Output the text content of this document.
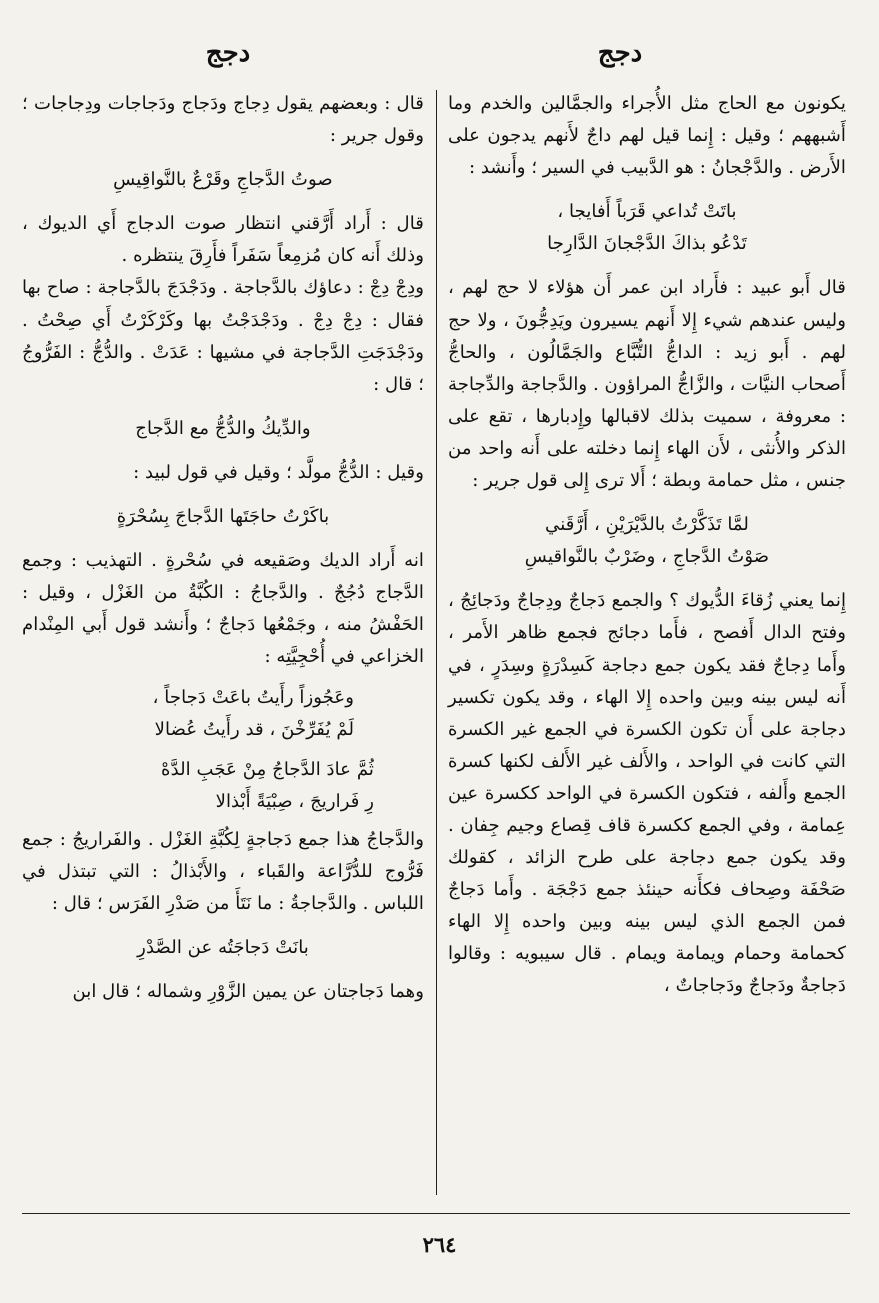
دجج
دجج

يكونون مع الحاج مثل الأُجراء والجمَّالين والخدم وما أَشبههم ؛ وقيل : إِنما قيل لهم داجٌ لأَنهم يدجون على الأَرض . والدَّجْجانُ : هو الدَّبيب في السير ؛ وأَنشد :

باتَتْ تُداعي قَرَباً أَفايجا ،
تَدْعُو بذاكَ الدَّجْجانَ الدَّارِجا

قال أَبو عبيد : فأَراد ابن عمر أَن هؤلاء لا حج لهم ، وليس عندهم شيء إِلا أَنهم يسيرون ويَدِجُّونَ ، ولا حج لهم . أَبو زيد : الداجُّ التُّبَّاع والجَمَّالُون ، والحاجُّ أَصحاب النيَّات ، والزَّاجُّ المراؤون . والدَّجاجة والدِّجاجة : معروفة ، سميت بذلك لاقبالها وإِدبارها ، تقع على الذكر والأُنثى ، لأَن الهاء إِنما دخلته على أَنه واحد من جنس ، مثل حمامة وبطة ؛ أَلا ترى إِلى قول جرير :

لمَّا تَذَكَّرْتُ بالدَّيْرَيْنِ ، أَرَّقَني
صَوْتُ الدَّجاجِ ، وضَرْبٌ بالنَّواقيسِ

إِنما يعني زُقاءَ الدُّيوك ؟ والجمع دَجاجٌ ودِجاجٌ ودَجائِجُ ، وفتح الدال أَفصح ، فأَما دجائج فجمع ظاهر الأَمر ، وأَما دِجاجٌ فقد يكون جمع دجاجة كَسِدْرَةٍ وسِدَرٍ ، في أَنه ليس بينه وبين واحده إِلا الهاء ، وقد يكون تكسير دجاجة على أَن تكون الكسرة في الجمع غير الكسرة التي كانت في الواحد ، والأَلف غير الأَلف لكنها كسرة الجمع وأَلفه ، فتكون الكسرة في الواحد ككسرة عين عِمامة ، وفي الجمع ككسرة قاف قِصاع وجيم جِفان . وقد يكون جمع دجاجة على طرح الزائد ، كقولك صَحْفَة وصِحاف فكأَنه حينئذ جمع دَجْجَة . وأَما دَجاجٌ فمن الجمع الذي ليس بينه وبين واحده إِلا الهاء كحمامة وحمام ويمامة ويمام . قال سيبويه : وقالوا دَجاجةٌ ودَجاجٌ ودَجاجاتٌ ،

قال : وبعضهم يقول دِجاج ودَجاج ودَجاجات ودِجاجات ؛ وقول جرير :

صوتُ الدَّجاجِ وقَرْعٌ بالنَّواقِيسِ

قال : أَراد أَرَّقني انتظار صوت الدجاج أَي الديوك ، وذلك أَنه كان مُزمِعاً سَفَراً فأَرِقَ ينتظره .

ودِجْ دِجْ : دعاؤك بالدَّجاجة . ودَجْدَجَ بالدَّجاجة : صاح بها فقال : دِجْ دِجْ . ودَجْدَجْتُ بها وكَرْكَرْتُ أَي صِحْتُ . ودَجْدَجَتِ الدَّجاجة في مشيها : عَدَتْ . والدُّجُّ : الفَرُّوجُ ؛ قال :

والدِّيكُ والدُّجُّ مع الدَّجاج

وقيل : الدُّجُّ مولَّد ؛ وقيل في قول لبيد :

باكَرْتُ حاجَتَها الدَّجاجَ بِسُحْرَةٍ

انه أَراد الديك وصَقيعه في سُحْرةٍ . التهذيب : وجمع الدَّجاج دُجُجٌ . والدَّجاجُ : الكُبَّةُ من الغَزْل ، وقيل : الحَفْشُ منه ، وجَمْعُها دَجاجٌ ؛ وأَنشد قول أَبي المِنْدام الخزاعي في أُحْجِيَّتِه :

وعَجُوزاً رأَيتُ باعَتْ دَجاجاً ،
لَمْ يُفَرِّخْنَ ، قد رأَيتُ عُضالا

ثُمَّ عادَ الدَّجاجُ مِنْ عَجَبِ الدَّهْ
رِ فَراريجَ ، صِبْيَةً أَبْذالا

والدَّجاجُ هذا جمع دَجاجةٍ لِكُبَّةِ الغَزْل . والفَراريجُ : جمع فَرُّوج للدُّرَّاعة والقَباء ، والأَبْذالُ : التي تبتذل في اللباس . والدَّجاجةُ : ما نَتَأَ من صَدْرِ الفَرَس ؛ قال :

بانَتْ دَجاجَتُه عن الصَّدْرِ

وهما دَجاجتان عن يمين الزَّوْرِ وشماله ؛ قال ابن

٢٦٤
